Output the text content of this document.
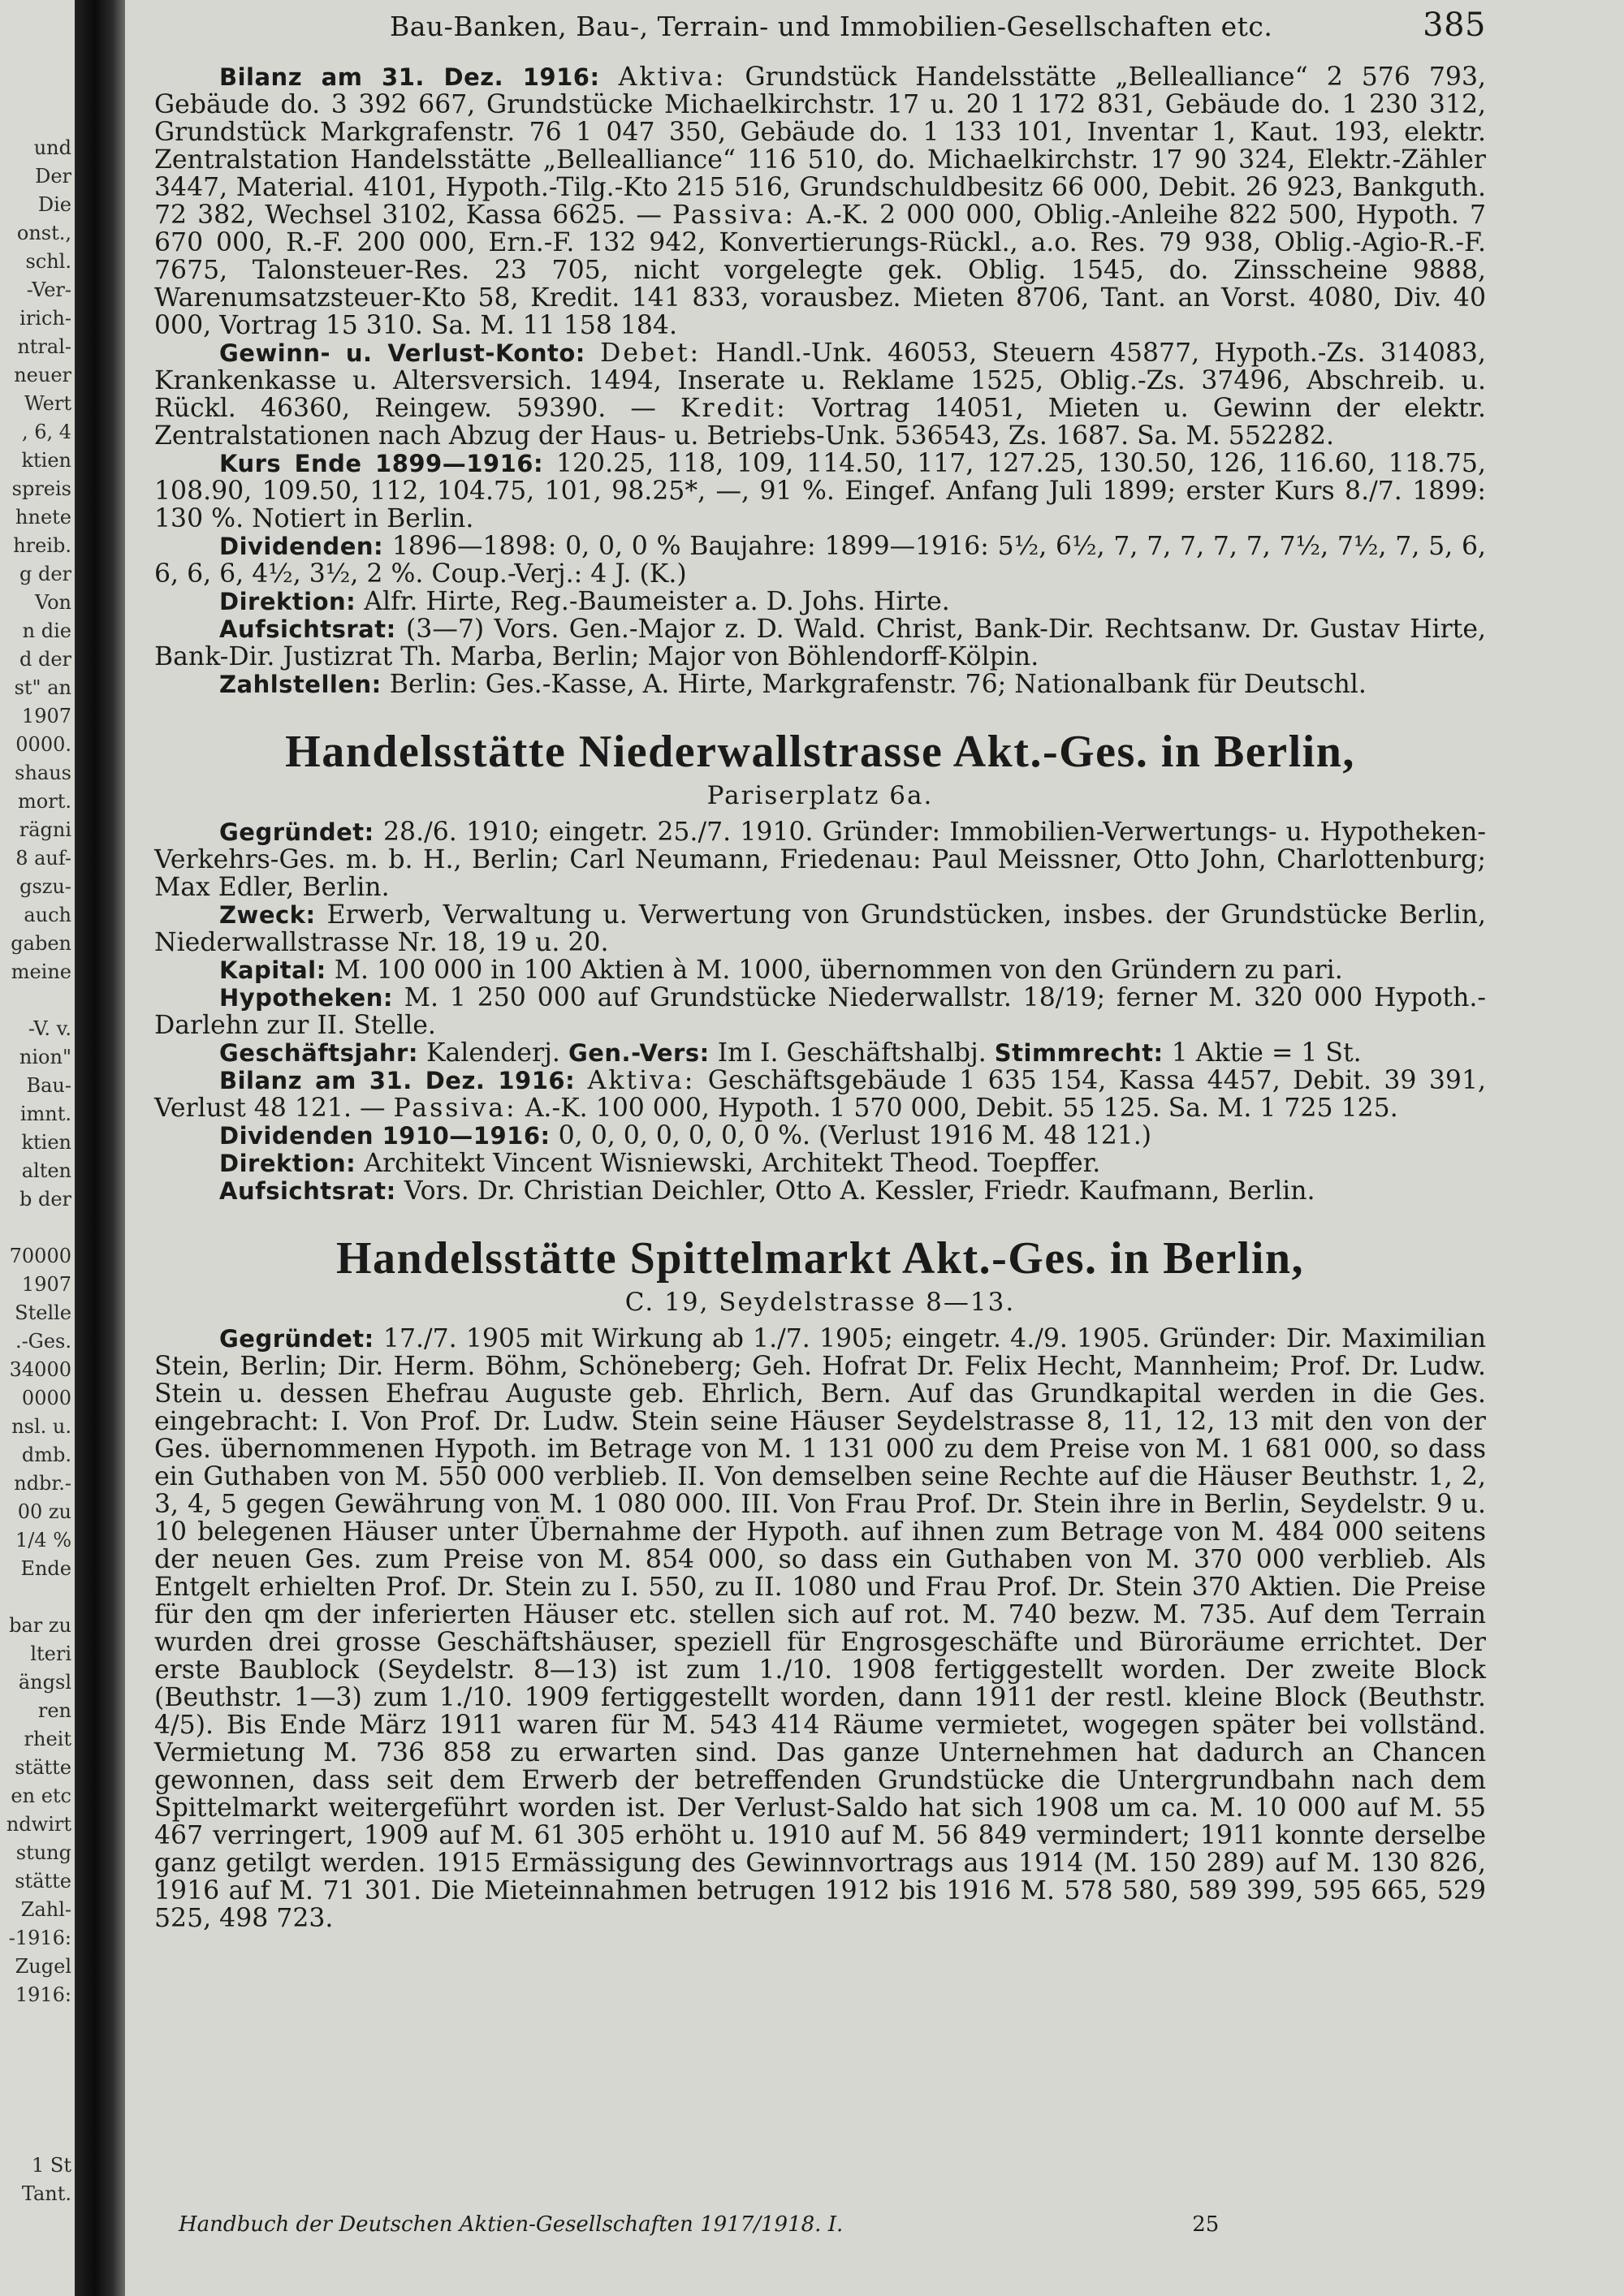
und
Der
Die
onst.,
schl.
-Ver-
irich-
ntral-
neuer
Wert
, 6, 4
ktien
spreis
hnete
hreib.
g der
Von
n die
d der
st" an
1907
0000.
shaus
mort.
rägni
8 auf-
gszu-
auch
gaben
meine
-V. v.
nion"
Bau-
imnt.
ktien
alten
b der
70000
1907
Stelle
.-Ges.
34000
0000
nsl. u.
dmb.
ndbr.-
00 zu
1/4 %
Ende
bar zu
lteri
ängsl
ren
rheit
stätte
en etc
ndwirt
stung
stätte
Zahl-
-1916:
Zugel
1916:
1 St
Tant.
Bau-Banken, Bau-, Terrain- und Immobilien-Gesellschaften etc.	385

Bilanz am 31. Dez. 1916: Aktiva: Grundstück Handelsstätte „Bellealliance“ 2 576 793, Gebäude do. 3 392 667, Grundstücke Michaelkirchstr. 17 u. 20 1 172 831, Gebäude do. 1 230 312, Grundstück Markgrafenstr. 76 1 047 350, Gebäude do. 1 133 101, Inventar 1, Kaut. 193, elektr. Zentralstation Handelsstätte „Bellealliance“ 116 510, do. Michaelkirchstr. 17 90 324, Elektr.-Zähler 3447, Material. 4101, Hypoth.-Tilg.-Kto 215 516, Grundschuldbesitz 66 000, Debit. 26 923, Bankguth. 72 382, Wechsel 3102, Kassa 6625. — Passiva: A.-K. 2 000 000, Oblig.-Anleihe 822 500, Hypoth. 7 670 000, R.-F. 200 000, Ern.-F. 132 942, Konvertierungs-Rückl., a.o. Res. 79 938, Oblig.-Agio-R.-F. 7675, Talonsteuer-Res. 23 705, nicht vorgelegte gek. Oblig. 1545, do. Zinsscheine 9888, Warenumsatzsteuer-Kto 58, Kredit. 141 833, vorausbez. Mieten 8706, Tant. an Vorst. 4080, Div. 40 000, Vortrag 15 310. Sa. M. 11 158 184.

Gewinn- u. Verlust-Konto: Debet: Handl.-Unk. 46053, Steuern 45877, Hypoth.-Zs. 314083, Krankenkasse u. Altersversich. 1494, Inserate u. Reklame 1525, Oblig.-Zs. 37496, Abschreib. u. Rückl. 46360, Reingew. 59390. — Kredit: Vortrag 14051, Mieten u. Gewinn der elektr. Zentralstationen nach Abzug der Haus- u. Betriebs-Unk. 536543, Zs. 1687. Sa. M. 552282.

Kurs Ende 1899—1916: 120.25, 118, 109, 114.50, 117, 127.25, 130.50, 126, 116.60, 118.75, 108.90, 109.50, 112, 104.75, 101, 98.25*, —, 91 %. Eingef. Anfang Juli 1899; erster Kurs 8./7. 1899: 130 %. Notiert in Berlin.

Dividenden: 1896—1898: 0, 0, 0 % Baujahre: 1899—1916: 5½, 6½, 7, 7, 7, 7, 7, 7½, 7½, 7, 5, 6, 6, 6, 6, 4½, 3½, 2 %. Coup.-Verj.: 4 J. (K.)

Direktion: Alfr. Hirte, Reg.-Baumeister a. D. Johs. Hirte.

Aufsichtsrat: (3—7) Vors. Gen.-Major z. D. Wald. Christ, Bank-Dir. Rechtsanw. Dr. Gustav Hirte, Bank-Dir. Justizrat Th. Marba, Berlin; Major von Böhlendorff-Kölpin.

Zahlstellen: Berlin: Ges.-Kasse, A. Hirte, Markgrafenstr. 76; Nationalbank für Deutschl.

Handelsstätte Niederwallstrasse Akt.-Ges. in Berlin,
Pariserplatz 6a.

Gegründet: 28./6. 1910; eingetr. 25./7. 1910. Gründer: Immobilien-Verwertungs- u. Hypotheken-Verkehrs-Ges. m. b. H., Berlin; Carl Neumann, Friedenau: Paul Meissner, Otto John, Charlottenburg; Max Edler, Berlin.

Zweck: Erwerb, Verwaltung u. Verwertung von Grundstücken, insbes. der Grundstücke Berlin, Niederwallstrasse Nr. 18, 19 u. 20.

Kapital: M. 100 000 in 100 Aktien à M. 1000, übernommen von den Gründern zu pari.

Hypotheken: M. 1 250 000 auf Grundstücke Niederwallstr. 18/19; ferner M. 320 000 Hypoth.-Darlehn zur II. Stelle.

Geschäftsjahr: Kalenderj. Gen.-Vers: Im I. Geschäftshalbj. Stimmrecht: 1 Aktie = 1 St.

Bilanz am 31. Dez. 1916: Aktiva: Geschäftsgebäude 1 635 154, Kassa 4457, Debit. 39 391, Verlust 48 121. — Passiva: A.-K. 100 000, Hypoth. 1 570 000, Debit. 55 125. Sa. M. 1 725 125.

Dividenden 1910—1916: 0, 0, 0, 0, 0, 0, 0 %. (Verlust 1916 M. 48 121.)

Direktion: Architekt Vincent Wisniewski, Architekt Theod. Toepffer.

Aufsichtsrat: Vors. Dr. Christian Deichler, Otto A. Kessler, Friedr. Kaufmann, Berlin.

Handelsstätte Spittelmarkt Akt.-Ges. in Berlin,
C. 19, Seydelstrasse 8—13.

Gegründet: 17./7. 1905 mit Wirkung ab 1./7. 1905; eingetr. 4./9. 1905. Gründer: Dir. Maximilian Stein, Berlin; Dir. Herm. Böhm, Schöneberg; Geh. Hofrat Dr. Felix Hecht, Mannheim; Prof. Dr. Ludw. Stein u. dessen Ehefrau Auguste geb. Ehrlich, Bern. Auf das Grundkapital werden in die Ges. eingebracht: I. Von Prof. Dr. Ludw. Stein seine Häuser Seydelstrasse 8, 11, 12, 13 mit den von der Ges. übernommenen Hypoth. im Betrage von M. 1 131 000 zu dem Preise von M. 1 681 000, so dass ein Guthaben von M. 550 000 verblieb. II. Von demselben seine Rechte auf die Häuser Beuthstr. 1, 2, 3, 4, 5 gegen Gewährung von M. 1 080 000. III. Von Frau Prof. Dr. Stein ihre in Berlin, Seydelstr. 9 u. 10 belegenen Häuser unter Übernahme der Hypoth. auf ihnen zum Betrage von M. 484 000 seitens der neuen Ges. zum Preise von M. 854 000, so dass ein Guthaben von M. 370 000 verblieb. Als Entgelt erhielten Prof. Dr. Stein zu I. 550, zu II. 1080 und Frau Prof. Dr. Stein 370 Aktien. Die Preise für den qm der inferierten Häuser etc. stellen sich auf rot. M. 740 bezw. M. 735. Auf dem Terrain wurden drei grosse Geschäftshäuser, speziell für Engrosgeschäfte und Büroräume errichtet. Der erste Baublock (Seydelstr. 8—13) ist zum 1./10. 1908 fertiggestellt worden. Der zweite Block (Beuthstr. 1—3) zum 1./10. 1909 fertiggestellt worden, dann 1911 der restl. kleine Block (Beuthstr. 4/5). Bis Ende März 1911 waren für M. 543 414 Räume vermietet, wogegen später bei vollständ. Vermietung M. 736 858 zu erwarten sind. Das ganze Unternehmen hat dadurch an Chancen gewonnen, dass seit dem Erwerb der betreffenden Grundstücke die Untergrundbahn nach dem Spittelmarkt weitergeführt worden ist. Der Verlust-Saldo hat sich 1908 um ca. M. 10 000 auf M. 55 467 verringert, 1909 auf M. 61 305 erhöht u. 1910 auf M. 56 849 vermindert; 1911 konnte derselbe ganz getilgt werden. 1915 Ermässigung des Gewinnvortrags aus 1914 (M. 150 289) auf M. 130 826, 1916 auf M. 71 301. Die Mieteinnahmen betrugen 1912 bis 1916 M. 578 580, 589 399, 595 665, 529 525, 498 723.

Handbuch der Deutschen Aktien-Gesellschaften 1917/1918. I.	25
